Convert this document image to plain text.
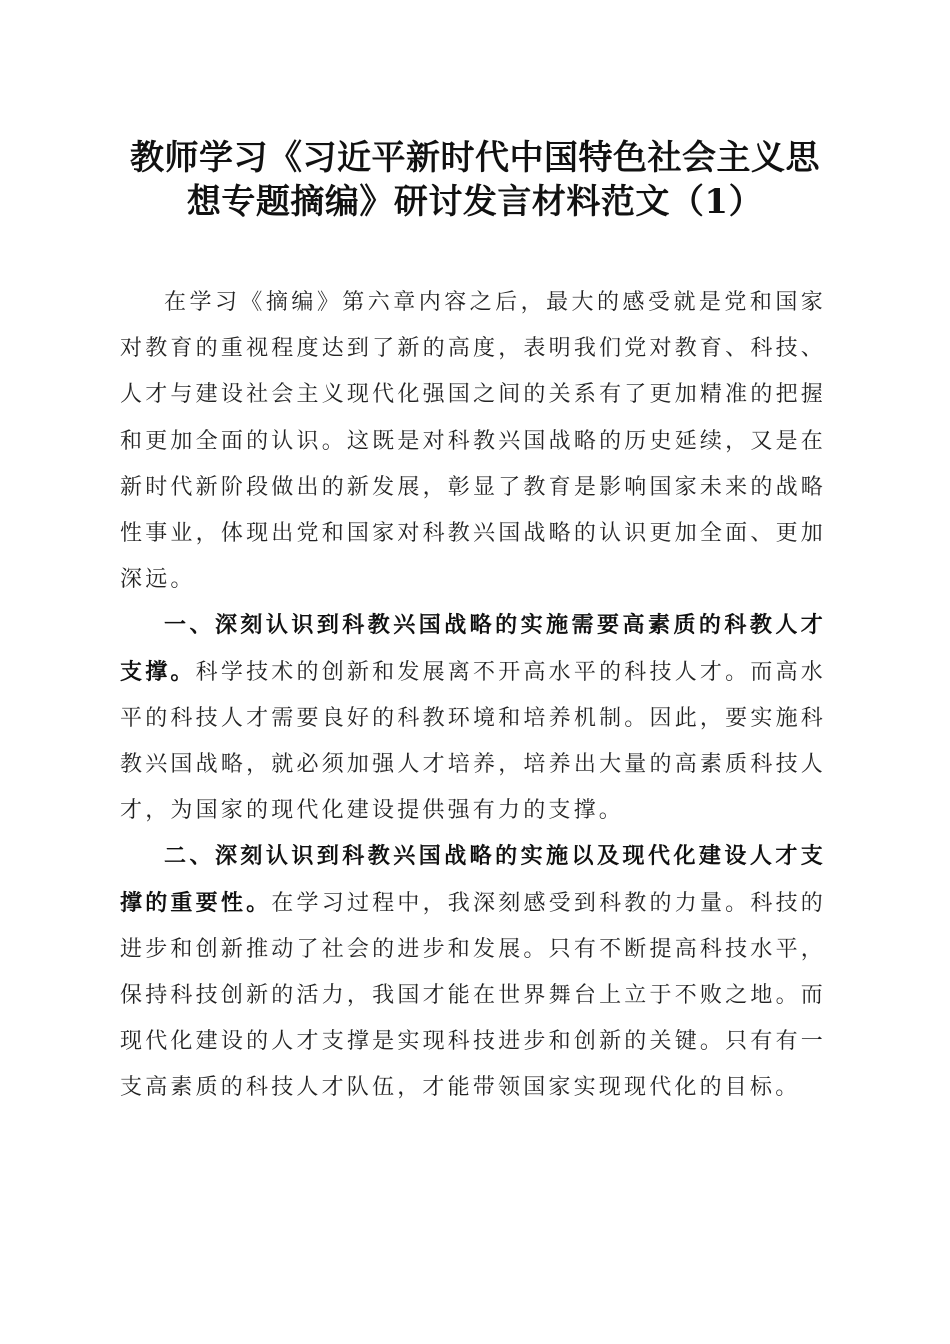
教师学习《习近平新时代中国特色社会主义思
想专题摘编》研讨发言材料范文（1）

在学习《摘编》第六章内容之后，最大的感受就是党和国家对教育的重视程度达到了新的高度，表明我们党对教育、科技、人才与建设社会主义现代化强国之间的关系有了更加精准的把握和更加全面的认识。这既是对科教兴国战略的历史延续，又是在新时代新阶段做出的新发展，彰显了教育是影响国家未来的战略性事业，体现出党和国家对科教兴国战略的认识更加全面、更加深远。

一、深刻认识到科教兴国战略的实施需要高素质的科教人才支撑。科学技术的创新和发展离不开高水平的科技人才。而高水平的科技人才需要良好的科教环境和培养机制。因此，要实施科教兴国战略，就必须加强人才培养，培养出大量的高素质科技人才，为国家的现代化建设提供强有力的支撑。

二、深刻认识到科教兴国战略的实施以及现代化建设人才支撑的重要性。在学习过程中，我深刻感受到科教的力量。科技的进步和创新推动了社会的进步和发展。只有不断提高科技水平，保持科技创新的活力，我国才能在世界舞台上立于不败之地。而现代化建设的人才支撑是实现科技进步和创新的关键。只有有一支高素质的科技人才队伍，才能带领国家实现现代化的目标。
